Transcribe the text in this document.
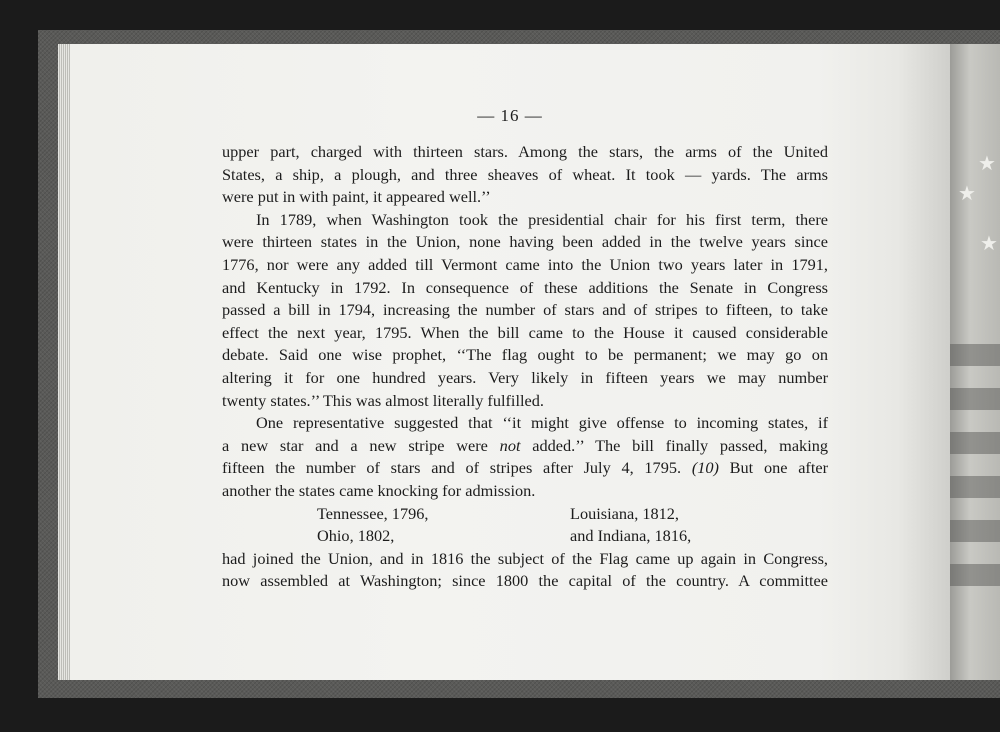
★
★
★
— 16 —
upper part, charged with thirteen stars. Among the stars, the arms of the United
States, a ship, a plough, and three sheaves of wheat. It took — yards. The arms
were put in with paint, it appeared well.’’
In 1789, when Washington took the presidential chair for his first term, there
were thirteen states in the Union, none having been added in the twelve years since
1776, nor were any added till Vermont came into the Union two years later in 1791,
and Kentucky in 1792. In consequence of these additions the Senate in Congress
passed a bill in 1794, increasing the number of stars and of stripes to fifteen, to take
effect the next year, 1795. When the bill came to the House it caused considerable
debate. Said one wise prophet, ‘‘The flag ought to be permanent; we may go on
altering it for one hundred years. Very likely in fifteen years we may number
twenty states.’’ This was almost literally fulfilled.
One representative suggested that ‘‘it might give offense to incoming states, if
a new star and a new stripe were not added.’’ The bill finally passed, making
fifteen the number of stars and of stripes after July 4, 1795. (10) But one after
another the states came knocking for admission.
Tennessee, 1796,	Louisiana, 1812,
Ohio, 1802,	and Indiana, 1816,
had joined the Union, and in 1816 the subject of the Flag came up again in Congress,
now assembled at Washington; since 1800 the capital of the country. A committee
